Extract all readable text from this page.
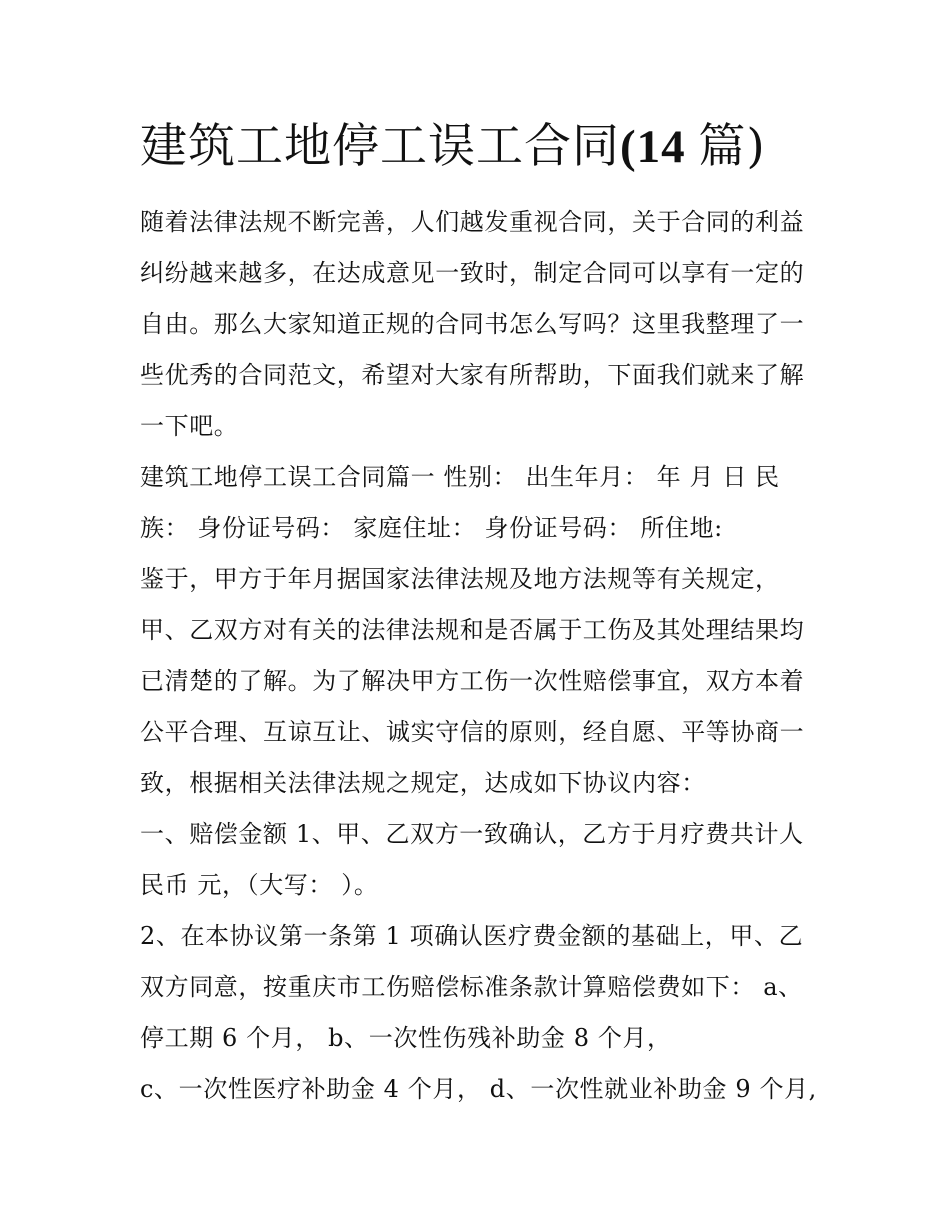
建筑工地停工误工合同(14 篇)
随着法律法规不断完善，人们越发重视合同，关于合同的利益
纠纷越来越多，在达成意见一致时，制定合同可以享有一定的
自由。那么大家知道正规的合同书怎么写吗？这里我整理了一
些优秀的合同范文，希望对大家有所帮助，下面我们就来了解
一下吧。
建筑工地停工误工合同篇一 性别： 出生年月： 年 月 日 民
族： 身份证号码： 家庭住址： 身份证号码： 所住地:
鉴于，甲方于年月据国家法律法规及地方法规等有关规定，
甲、乙双方对有关的法律法规和是否属于工伤及其处理结果均
已清楚的了解。为了解决甲方工伤一次性赔偿事宜，双方本着
公平合理、互谅互让、诚实守信的原则，经自愿、平等协商一
致，根据相关法律法规之规定，达成如下协议内容：
一、赔偿金额 1、甲、乙双方一致确认，乙方于月疗费共计人
民币 元，（大写： ）。
2、在本协议第一条第 1 项确认医疗费金额的基础上，甲、乙
双方同意，按重庆市工伤赔偿标准条款计算赔偿费如下： a、
停工期 6 个月， b、一次性伤残补助金 8 个月，
c、一次性医疗补助金 4 个月， d、一次性就业补助金 9 个月,
